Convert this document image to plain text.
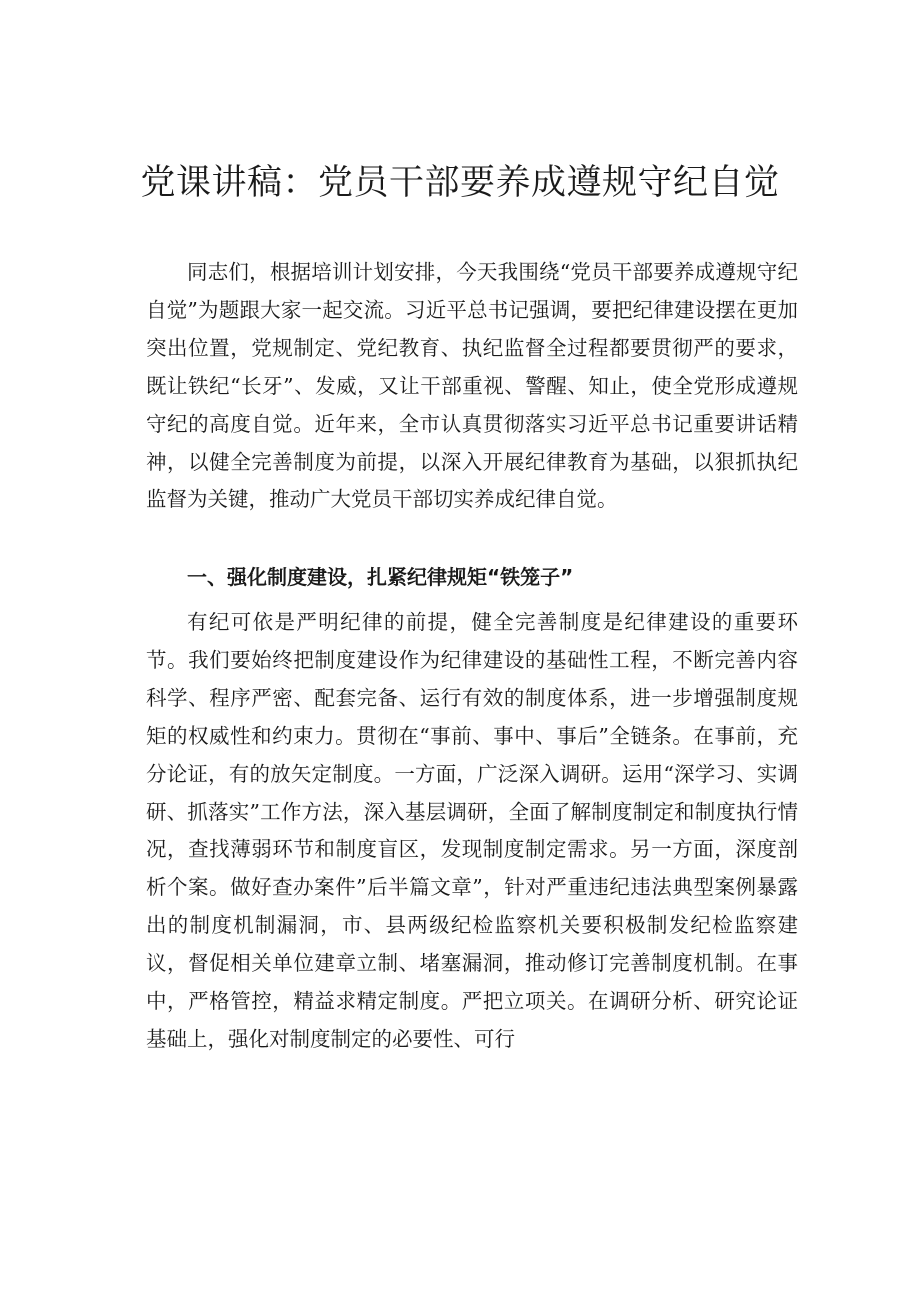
党课讲稿：党员干部要养成遵规守纪自觉

同志们，根据培训计划安排，今天我围绕“党员干部要养成遵规守纪自觉”为题跟大家一起交流。习近平总书记强调，要把纪律建设摆在更加突出位置，党规制定、党纪教育、执纪监督全过程都要贯彻严的要求，既让铁纪“长牙”、发威，又让干部重视、警醒、知止，使全党形成遵规守纪的高度自觉。近年来，全市认真贯彻落实习近平总书记重要讲话精神，以健全完善制度为前提，以深入开展纪律教育为基础，以狠抓执纪监督为关键，推动广大党员干部切实养成纪律自觉。

一、强化制度建设，扎紧纪律规矩“铁笼子”

有纪可依是严明纪律的前提，健全完善制度是纪律建设的重要环节。我们要始终把制度建设作为纪律建设的基础性工程，不断完善内容科学、程序严密、配套完备、运行有效的制度体系，进一步增强制度规矩的权威性和约束力。贯彻在“事前、事中、事后”全链条。在事前，充分论证，有的放矢定制度。一方面，广泛深入调研。运用“深学习、实调研、抓落实”工作方法，深入基层调研，全面了解制度制定和制度执行情况，查找薄弱环节和制度盲区，发现制度制定需求。另一方面，深度剖析个案。做好查办案件”后半篇文章”，针对严重违纪违法典型案例暴露出的制度机制漏洞，市、县两级纪检监察机关要积极制发纪检监察建议，督促相关单位建章立制、堵塞漏洞，推动修订完善制度机制。在事中，严格管控，精益求精定制度。严把立项关。在调研分析、研究论证基础上，强化对制度制定的必要性、可行
